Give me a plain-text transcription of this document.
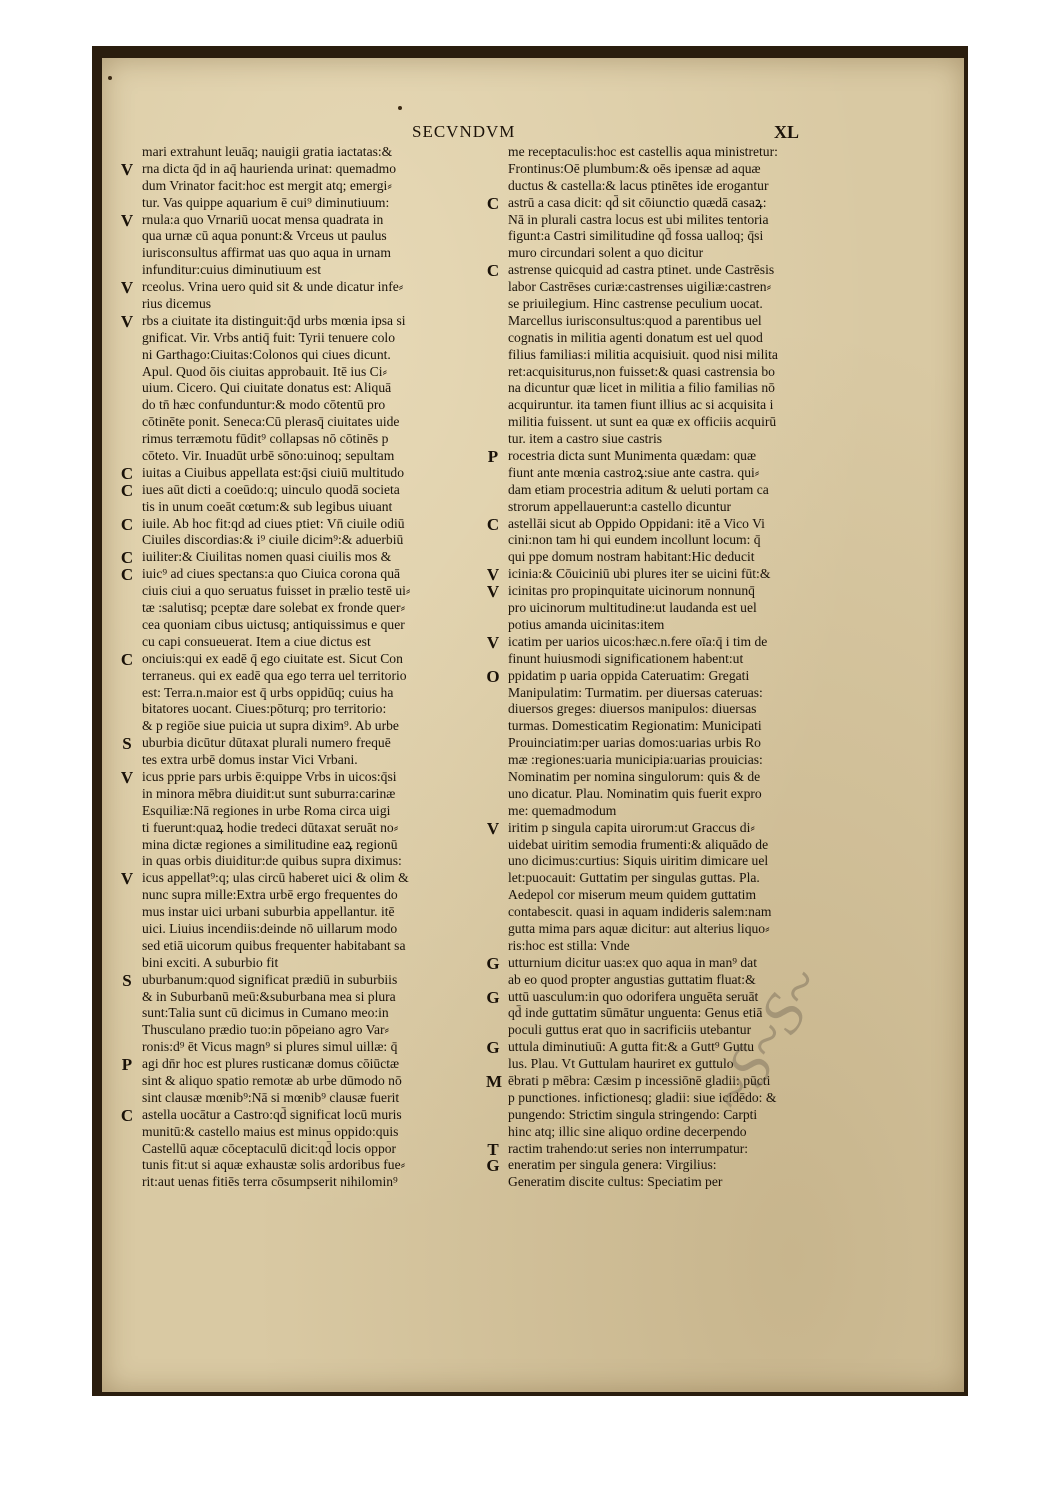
SECVNDVM	XL
mari extrahunt leuāq; nauigii gratia iactatas:&
V rna dicta q̄d in aq̄ haurienda urinat: quemadmo
dum Vrinator facit:hoc est mergit atq; emergi⸗
tur. Vas quippe aquarium ē cui⁹ diminutiuum:
V rnula:a quo Vrnariū uocat mensa quadrata in
qua urnæ cū aqua ponunt:& Vrceus ut paulus
iurisconsultus affirmat uas quo aqua in urnam
infunditur:cuius diminutiuum est
V rceolus. Vrina uero quid sit & unde dicatur infe⸗
rius dicemus
V rbs a ciuitate ita distinguit:q̄d urbs mœnia ipsa si
gnificat. Vir. Vrbs antiq̄ fuit: Tyrii tenuere colo
ni Garthago:Ciuitas:Colonos qui ciues dicunt.
Apul. Quod ōis ciuitas approbauit. Itē ius Ci⸗
uium. Cicero. Qui ciuitate donatus est: Aliquā
do tn̄ hæc confunduntur:& modo cōtentū pro
cōtinēte ponit. Seneca:Cū plerasq̄ ciuitates uide
rimus terræmotu fūdit⁹ collapsas nō cōtinēs p
cōteto. Vir. Inuadūt urbē sōno:uinoq; sepultam
C iuitas a Ciuibus appellata est:q̄si ciuiū multitudo
C iues aūt dicti a coeūdo:q; uinculo quodā societa
tis in unum coeāt cœtum:& sub legibus uiuant
C iuile. Ab hoc fit:qd ad ciues ptiet: Vn̄ ciuile odiū
Ciuiles discordias:& i⁹ ciuile dicim⁹:& aduerbiū
C iuiliter:& Ciuilitas nomen quasi ciuilis mos &
C iuic⁹ ad ciues spectans:a quo Ciuica corona quā
ciuis ciui a quo seruatus fuisset in prælio testē ui⸗
tæ :salutisq; pceptæ dare solebat ex fronde quer⸗
cea quoniam cibus uictusq; antiquissimus e quer
cu capi consueuerat. Item a ciue dictus est
C onciuis:qui ex eadē q̄ ego ciuitate est. Sicut Con
terraneus. qui ex eadē qua ego terra uel territorio
est: Terra.n.maior est q̄ urbs oppidūq; cuius ha
bitatores uocant. Ciues:pōturq; pro territorio:
& p regiōe siue puicia ut supra dixim⁹. Ab urbe
S uburbia dicūtur dūtaxat plurali numero frequē
tes extra urbē domus instar Vici Vrbani.
V icus pprie pars urbis ē:quippe Vrbs in uicos:q̄si
in minora mēbra diuidit:ut sunt suburra:carinæ
Esquiliæ:Nā regiones in urbe Roma circa uigi
ti fuerunt:quaꝝ hodie tredeci dūtaxat seruāt no⸗
mina dictæ regiones a similitudine eaꝝ regionū
in quas orbis diuiditur:de quibus supra diximus:
V icus appellat⁹:q; ulas circū haberet uici & olim &
nunc supra mille:Extra urbē ergo frequentes do
mus instar uici urbani suburbia appellantur. itē
uici. Liuius incendiis:deinde nō uillarum modo
sed etiā uicorum quibus frequenter habitabant sa
bini exciti. A suburbio fit
S uburbanum:quod significat prædiū in suburbiis
& in Suburbanū meū:&suburbana mea si plura
sunt:Talia sunt cū dicimus in Cumano meo:in
Thusculano prædio tuo:in pōpeiano agro Var⸗
ronis:d⁹ ēt Vicus magn⁹ si plures simul uillæ: q̄
P agi dn̄r hoc est plures rusticanæ domus cōiūctæ
sint & aliquo spatio remotæ ab urbe dūmodo nō
sint clausæ mœnib⁹:Nā si mœnib⁹ clausæ fuerit
C astella uocātur a Castro:qd̄ significat locū muris
munitū:& castello maius est minus oppido:quis
Castellū aquæ cōceptaculū dicit:qd̄ locis oppor
tunis fit:ut si aquæ exhaustæ solis ardoribus fue⸗
rit:aut uenas fitiēs terra cōsumpserit nihilomin⁹
me receptaculis:hoc est castellis aqua ministretur:
Frontinus:Oē plumbum:& oēs ipensæ ad aquæ
ductus & castella:& lacus ptinētes ide erogantur
C astrū a casa dicit: qd̄ sit cōiunctio quædā casaꝝ:
Nā in plurali castra locus est ubi milites tentoria
figunt:a Castri similitudine qd̄ fossa ualloq; q̄si
muro circundari solent a quo dicitur
C astrense quicquid ad castra ptinet. unde Castrēsis
labor Castrēses curiæ:castrenses uigiliæ:castren⸗
se priuilegium. Hinc castrense peculium uocat.
Marcellus iurisconsultus:quod a parentibus uel
cognatis in militia agenti donatum est uel quod
filius familias:i militia acquisiuit. quod nisi milita
ret:acquisiturus,non fuisset:& quasi castrensia bo
na dicuntur quæ licet in militia a filio familias nō
acquiruntur. ita tamen fiunt illius ac si acquisita i
militia fuissent. ut sunt ea quæ ex officiis acquirū
tur. item a castro siue castris
P rocestria dicta sunt Munimenta quædam: quæ
fiunt ante mœnia castroꝝ:siue ante castra. qui⸗
dam etiam procestria aditum & ueluti portam ca
strorum appellauerunt:a castello dicuntur
C astellāi sicut ab Oppido Oppidani: itē a Vico Vi
cini:non tam hi qui eundem incollunt locum: q̄
qui ppe domum nostram habitant:Hic deducit
V icinia:& Cōuiciniū ubi plures iter se uicini fūt:&
V icinitas pro propinquitate uicinorum nonnunq̄
pro uicinorum multitudine:ut laudanda est uel
potius amanda uicinitas:item
V icatim per uarios uicos:hæc.n.fere oīa:q̄ i tim de
finunt huiusmodi significationem habent:ut
O ppidatim p uaria oppida Cateruatim: Gregati
Manipulatim: Turmatim. per diuersas cateruas:
diuersos greges: diuersos manipulos: diuersas
turmas. Domesticatim Regionatim: Municipati
Prouinciatim:per uarias domos:uarias urbis Ro
mæ :regiones:uaria municipia:uarias prouicias:
Nominatim per nomina singulorum: quis & de
uno dicatur. Plau. Nominatim quis fuerit expro
me: quemadmodum
V iritim p singula capita uirorum:ut Graccus di⸗
uidebat uiritim semodia frumenti:& aliquādo de
uno dicimus:curtius: Siquis uiritim dimicare uel
let:puocauit: Guttatim per singulas guttas. Pla.
Aedepol cor miserum meum quidem guttatim
contabescit. quasi in aquam indideris salem:nam
gutta mima pars aquæ dicitur: aut alterius liquo⸗
ris:hoc est stilla: Vnde
G utturnium dicitur uas:ex quo aqua in man⁹ dat
ab eo quod propter angustias guttatim fluat:&
G uttū uasculum:in quo odorifera unguēta seruāt
qd̄ inde guttatim sūmātur unguenta: Genus etiā
poculi guttus erat quo in sacrificiis utebantur
G uttula diminutiuū: A gutta fit:& a Gutt⁹ Guttu
lus. Plau. Vt Guttulam hauriret ex guttulo
M ēbrati p mēbra: Cæsim p incessiōnē gladii: pūcti
p punctiones. infictionesq; gladii: siue icidēdo: &
pungendo: Strictim singula stringendo: Carpti
hinc atq; illic sine aliquo ordine decerpendo
T ractim trahendo:ut series non interrumpatur:
G eneratim per singula genera: Virgilius:
Generatim discite cultus: Speciatim per
~S~S~
